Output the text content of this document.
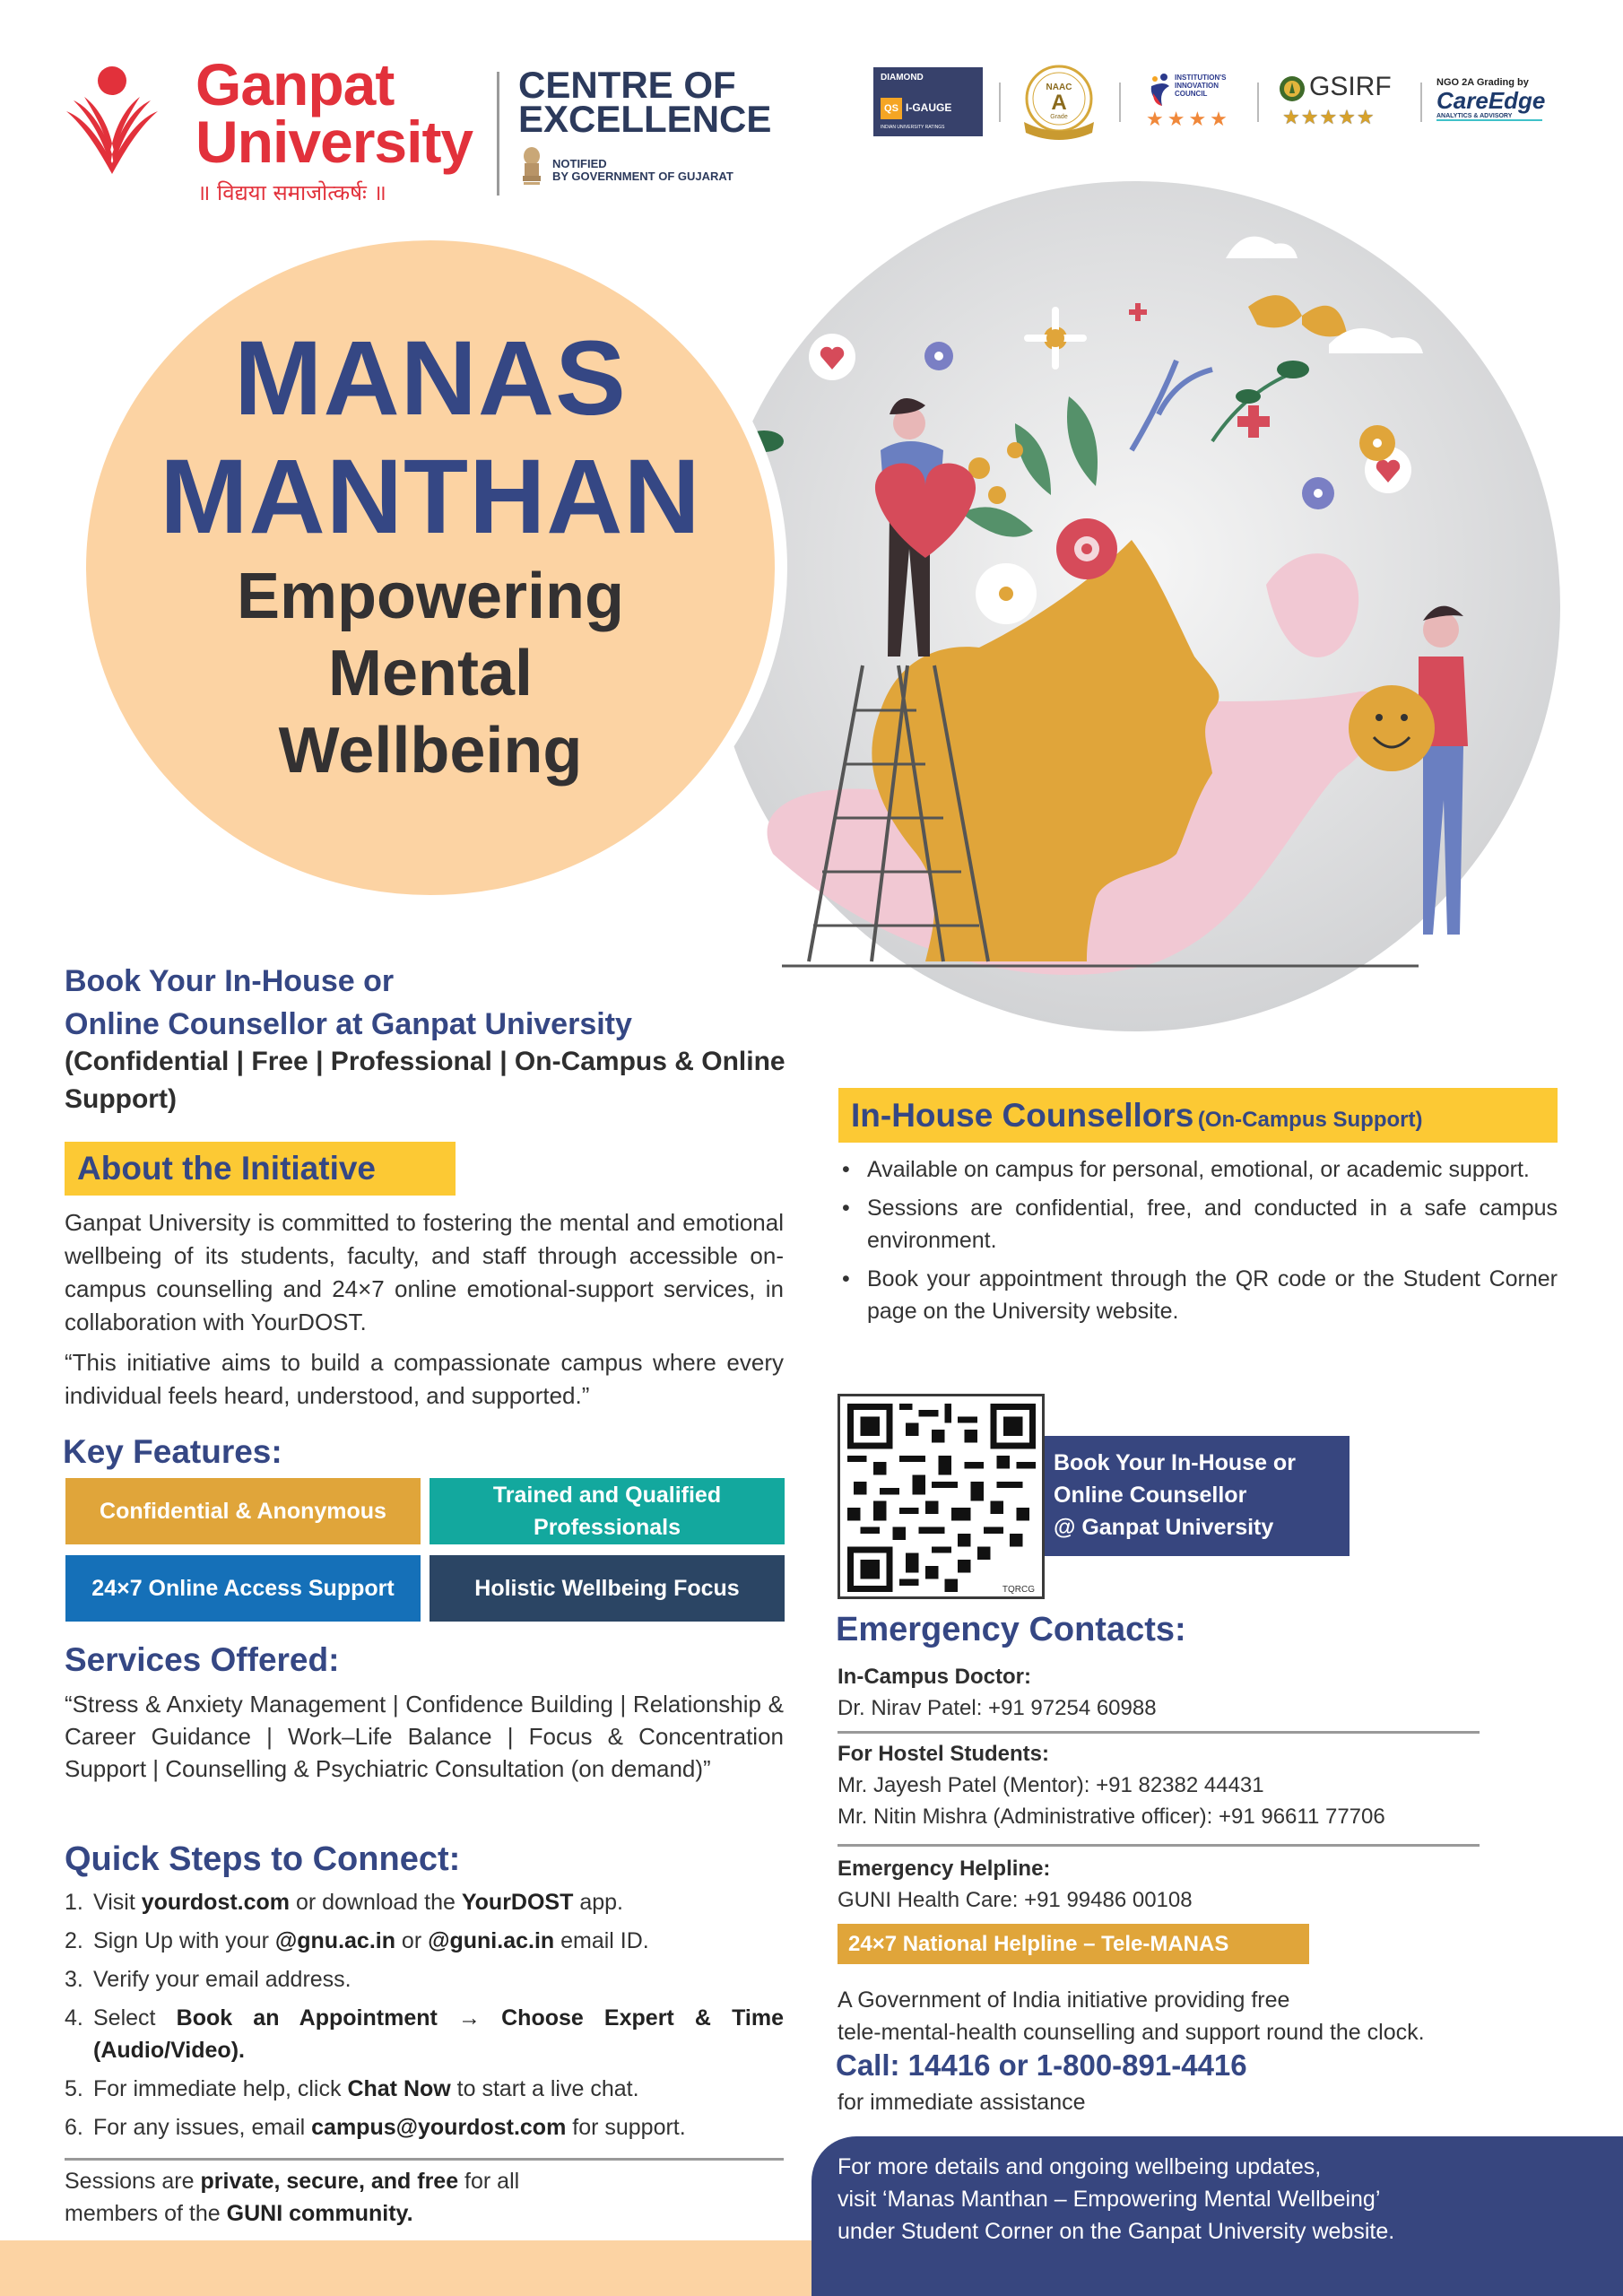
Ganpat
University
॥ विद्यया समाजोत्कर्षः ॥
CENTRE OF
EXCELLENCE
NOTIFIED
BY GOVERNMENT OF GUJARAT
DIAMOND
QS I-GAUGE
INDIAN UNIVERSITY RATINGS
NAAC
A
Grade
INSTITUTION'S
INNOVATION
COUNCIL
★★★★
GSIRF
★★★★★
NGO 2A Grading by
CareEdge
ANALYTICS & ADVISORY
MANAS
MANTHAN
Empowering
Mental
Wellbeing
Book Your In-House or
Online Counsellor at Ganpat University
(Confidential | Free | Professional | On-Campus & Online Support)
About the Initiative

Ganpat University is committed to fostering the mental and emotional wellbeing of its students, faculty, and staff through accessible on-campus counselling and 24×7 online emotional-support services, in collaboration with YourDOST.

“This initiative aims to build a compassionate campus where every individual feels heard, understood, and supported.”

Key Features:
Confidential & Anonymous
Trained and Qualified Professionals
24×7 Online Access Support	Holistic Wellbeing Focus
Services Offered:
“Stress & Anxiety Management | Confidence Building | Relationship & Career Guidance | Work–Life Balance | Focus & Concentration Support | Counselling & Psychiatric Consultation (on demand)”
Quick Steps to Connect:
1. Visit yourdost.com or download the YourDOST app.
2. Sign Up with your @gnu.ac.in or @guni.ac.in email ID.
3. Verify your email address.
4. Select Book an Appointment → Choose Expert & Time (Audio/Video).
5. For immediate help, click Chat Now to start a live chat.
6. For any issues, email campus@yourdost.com for support.
Sessions are private, secure, and free for all members of the GUNI community.
In-House Counsellors (On-Campus Support)
• Available on campus for personal, emotional, or academic support.
• Sessions are confidential, free, and conducted in a safe campus environment.
• Book your appointment through the QR code or the Student Corner page on the University website.
TQRCG
Book Your In-House or
Online Counsellor
@ Ganpat University
Emergency Contacts:
In-Campus Doctor:
Dr. Nirav Patel: +91 97254 60988
For Hostel Students:
Mr. Jayesh Patel (Mentor): +91 82382 44431
Mr. Nitin Mishra (Administrative officer): +91 96611 77706
Emergency Helpline:
GUNI Health Care: +91 99486 00108
24×7 National Helpline – Tele-MANAS
A Government of India initiative providing free
tele-mental-health counselling and support round the clock.
Call: 14416 or 1-800-891-4416
for immediate assistance
For more details and ongoing wellbeing updates,
visit ‘Manas Manthan – Empowering Mental Wellbeing’
under Student Corner on the Ganpat University website.
